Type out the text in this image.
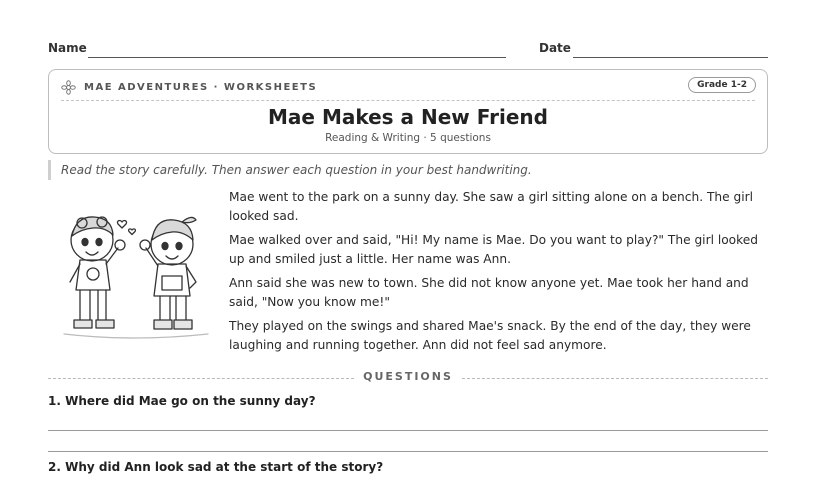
Name	Date
MAE ADVENTURES · WORKSHEETS	Grade 1-2
Mae Makes a New Friend
Reading & Writing · 5 questions
Read the story carefully. Then answer each question in your best handwriting.

Mae went to the park on a sunny day. She saw a girl sitting alone on a bench. The girl looked sad.

Mae walked over and said, "Hi! My name is Mae. Do you want to play?" The girl looked up and smiled just a little. Her name was Ann.

Ann said she was new to town. She did not know anyone yet. Mae took her hand and said, "Now you know me!"

They played on the swings and shared Mae's snack. By the end of the day, they were laughing and running together. Ann did not feel sad anymore.

QUESTIONS
1. Where did Mae go on the sunny day?
2. Why did Ann look sad at the start of the story?
